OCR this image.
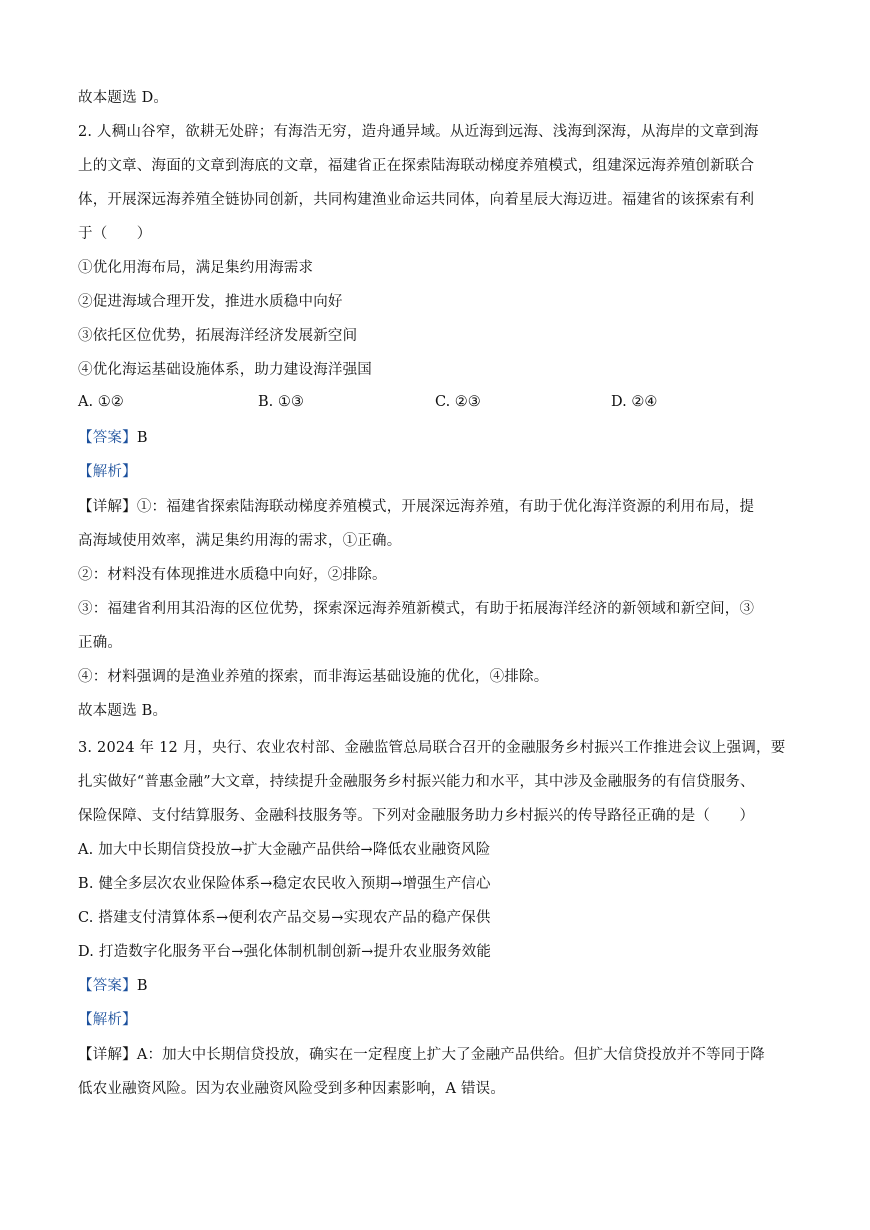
故本题选 D。
2. 人稠山谷窄，欲耕无处辟；有海浩无穷，造舟通异域。从近海到远海、浅海到深海，从海岸的文章到海
上的文章、海面的文章到海底的文章，福建省正在探索陆海联动梯度养殖模式，组建深远海养殖创新联合
体，开展深远海养殖全链协同创新，共同构建渔业命运共同体，向着星辰大海迈进。福建省的该探索有利
于（　　）
①优化用海布局，满足集约用海需求
②促进海域合理开发，推进水质稳中向好
③依托区位优势，拓展海洋经济发展新空间
④优化海运基础设施体系，助力建设海洋强国
A. ①②	B. ①③	C. ②③	D. ②④
【答案】B
【解析】
【详解】①：福建省探索陆海联动梯度养殖模式，开展深远海养殖，有助于优化海洋资源的利用布局，提
高海域使用效率，满足集约用海的需求，①正确。
②：材料没有体现推进水质稳中向好，②排除。
③：福建省利用其沿海的区位优势，探索深远海养殖新模式，有助于拓展海洋经济的新领域和新空间，③
正确。
④：材料强调的是渔业养殖的探索，而非海运基础设施的优化，④排除。
故本题选 B。
3. 2024 年 12 月，央行、农业农村部、金融监管总局联合召开的金融服务乡村振兴工作推进会议上强调，要
扎实做好“普惠金融”大文章，持续提升金融服务乡村振兴能力和水平，其中涉及金融服务的有信贷服务、
保险保障、支付结算服务、金融科技服务等。下列对金融服务助力乡村振兴的传导路径正确的是（　　）
A. 加大中长期信贷投放→扩大金融产品供给→降低农业融资风险
B. 健全多层次农业保险体系→稳定农民收入预期→增强生产信心
C. 搭建支付清算体系→便利农产品交易→实现农产品的稳产保供
D. 打造数字化服务平台→强化体制机制创新→提升农业服务效能
【答案】B
【解析】
【详解】A：加大中长期信贷投放，确实在一定程度上扩大了金融产品供给。但扩大信贷投放并不等同于降
低农业融资风险。因为农业融资风险受到多种因素影响，A 错误。
